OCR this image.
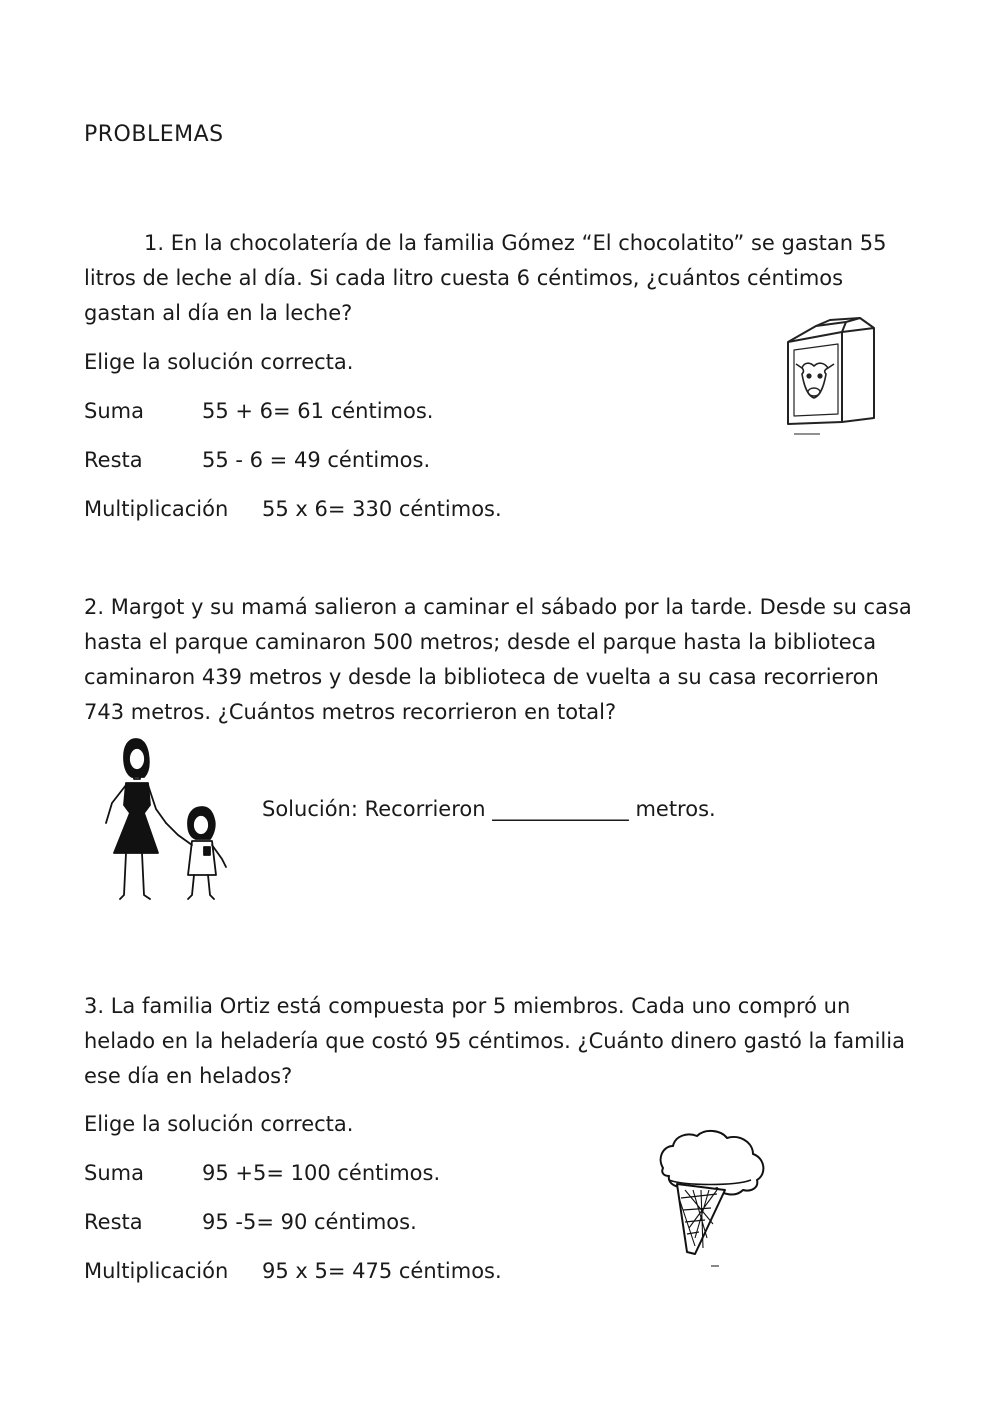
PROBLEMAS
1. En la chocolatería de la familia Gómez “El chocolatito” se gastan 55 litros de leche al día. Si cada litro cuesta 6 céntimos, ¿cuántos céntimos gastan al día en la leche?
Elige la solución correcta.
Suma	55 + 6= 61 céntimos.
Resta	55 - 6 = 49 céntimos.
Multiplicación 55 x 6= 330 céntimos.
2. Margot y su mamá salieron a caminar el sábado por la tarde. Desde su casa hasta el parque caminaron 500 metros; desde el parque hasta la biblioteca caminaron 439 metros y desde la biblioteca de vuelta a su casa recorrieron 743 metros. ¿Cuántos metros recorrieron en total?
Solución: Recorrieron _____________ metros.
3. La familia Ortiz está compuesta por 5 miembros. Cada uno compró un helado en la heladería que costó 95 céntimos. ¿Cuánto dinero gastó la familia ese día en helados?
Elige la solución correcta.
Suma	95 +5= 100 céntimos.
Resta	95 -5= 90 céntimos.
Multiplicación 95 x 5= 475 céntimos.
